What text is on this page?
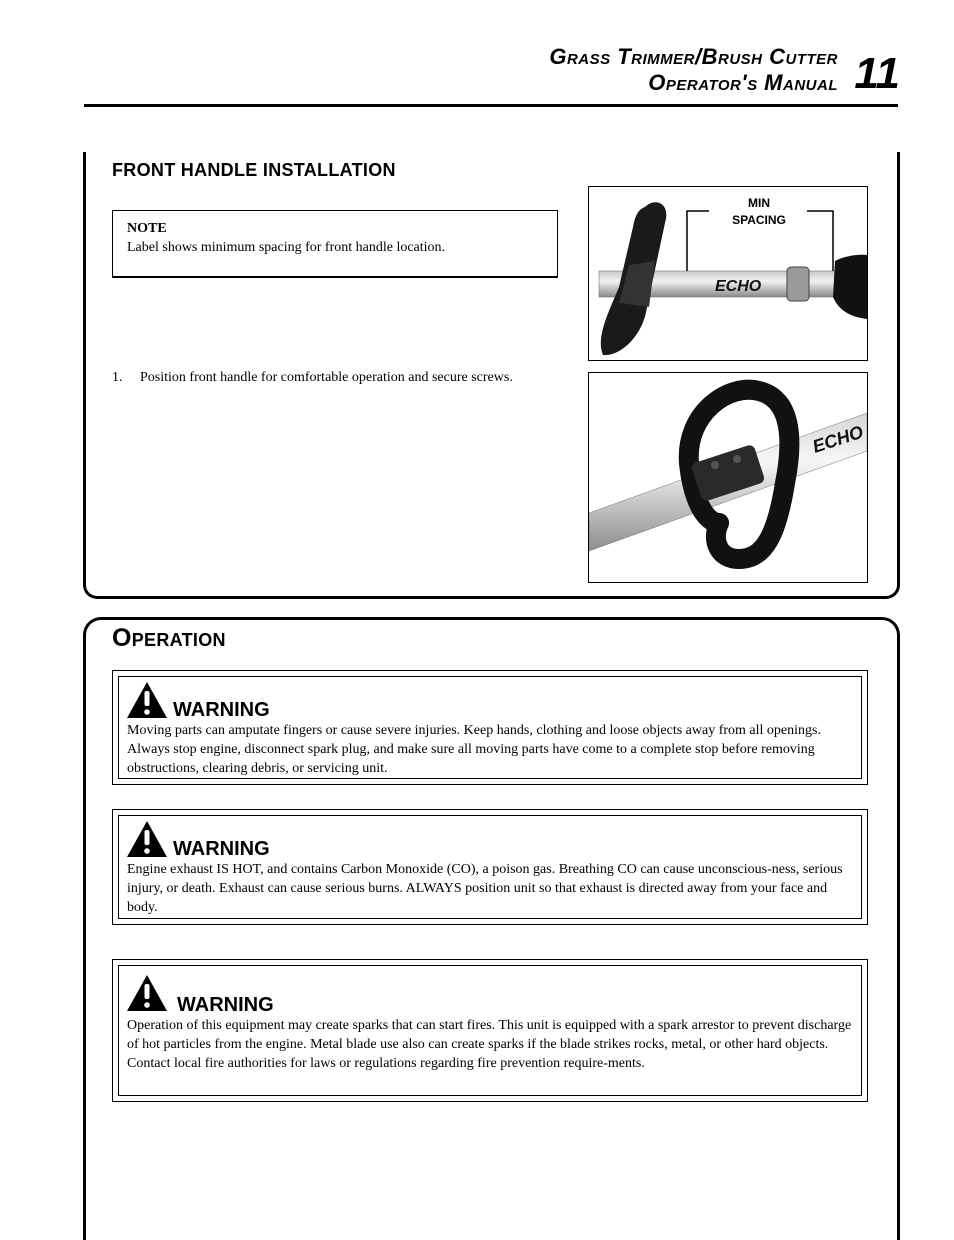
Grass Trimmer/Brush Cutter
Operator's Manual 11
FRONT HANDLE INSTALLATION
NOTE
Label shows minimum spacing for front handle location.
1. Position front handle for comfortable operation and secure screws.
MIN
SPACING
ECHO
ECHO
Operation
WARNING
Moving parts can amputate fingers or cause severe injuries. Keep hands, clothing and loose objects away from all openings. Always stop engine, disconnect spark plug, and make sure all moving parts have come to a complete stop before removing obstructions, clearing debris, or servicing unit.
WARNING
Engine exhaust IS HOT, and contains Carbon Monoxide (CO), a poison gas. Breathing CO can cause unconscious-ness, serious injury, or death. Exhaust can cause serious burns. ALWAYS position unit so that exhaust is directed away from your face and body.
WARNING
Operation of this equipment may create sparks that can start fires. This unit is equipped with a spark arrestor to prevent discharge of hot particles from the engine. Metal blade use also can create sparks if the blade strikes rocks, metal, or other hard objects. Contact local fire authorities for laws or regulations regarding fire prevention require-ments.
